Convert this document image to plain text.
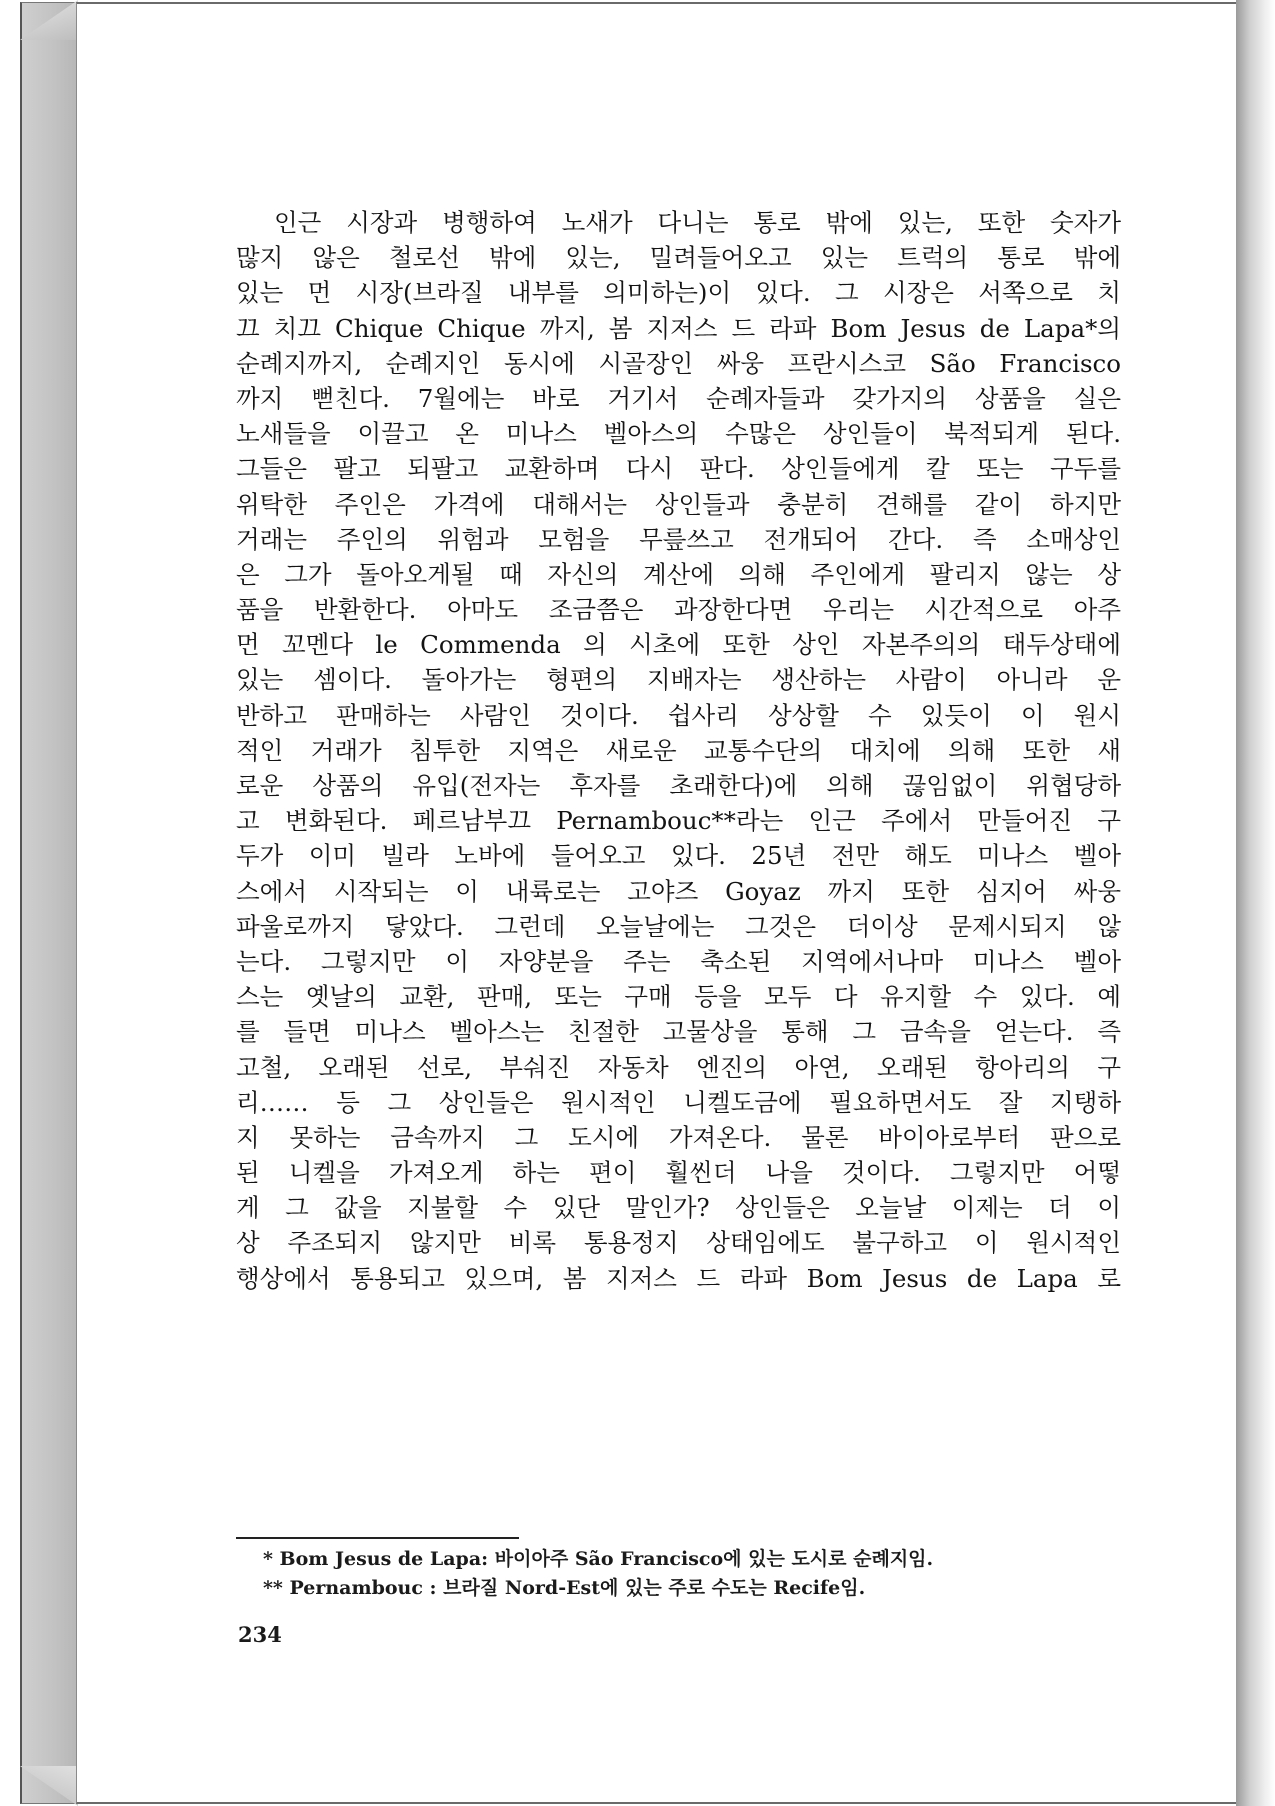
인근 시장과 병행하여 노새가 다니는 통로 밖에 있는, 또한 숫자가
많지 않은 철로선 밖에 있는, 밀려들어오고 있는 트럭의 통로 밖에
있는 먼 시장(브라질 내부를 의미하는)이 있다. 그 시장은 서쪽으로 치
끄 치끄 Chique Chique 까지, 봄 지저스 드 라파 Bom Jesus de Lapa*의
순례지까지, 순례지인 동시에 시골장인 싸웅 프란시스코 São Francisco
까지 뻗친다. 7월에는 바로 거기서 순례자들과 갖가지의 상품을 실은
노새들을 이끌고 온 미나스 벨아스의 수많은 상인들이 북적되게 된다.
그들은 팔고 되팔고 교환하며 다시 판다. 상인들에게 칼 또는 구두를
위탁한 주인은 가격에 대해서는 상인들과 충분히 견해를 같이 하지만
거래는 주인의 위험과 모험을 무릎쓰고 전개되어 간다. 즉 소매상인
은 그가 돌아오게될 때 자신의 계산에 의해 주인에게 팔리지 않는 상
품을 반환한다. 아마도 조금쯤은 과장한다면 우리는 시간적으로 아주
먼 꼬멘다 le Commenda 의 시초에 또한 상인 자본주의의 태두상태에
있는 셈이다. 돌아가는 형편의 지배자는 생산하는 사람이 아니라 운
반하고 판매하는 사람인 것이다. 쉽사리 상상할 수 있듯이 이 원시
적인 거래가 침투한 지역은 새로운 교통수단의 대치에 의해 또한 새
로운 상품의 유입(전자는 후자를 초래한다)에 의해 끊임없이 위협당하
고 변화된다. 페르남부끄 Pernambouc**라는 인근 주에서 만들어진 구
두가 이미 빌라 노바에 들어오고 있다. 25년 전만 해도 미나스 벨아
스에서 시작되는 이 내륙로는 고야즈 Goyaz 까지 또한 심지어 싸웅
파울로까지 닿았다. 그런데 오늘날에는 그것은 더이상 문제시되지 않
는다. 그렇지만 이 자양분을 주는 축소된 지역에서나마 미나스 벨아
스는 옛날의 교환, 판매, 또는 구매 등을 모두 다 유지할 수 있다. 예
를 들면 미나스 벨아스는 친절한 고물상을 통해 그 금속을 얻는다. 즉
고철, 오래된 선로, 부숴진 자동차 엔진의 아연, 오래된 항아리의 구
리…… 등 그 상인들은 원시적인 니켈도금에 필요하면서도 잘 지탱하
지 못하는 금속까지 그 도시에 가져온다. 물론 바이아로부터 판으로
된 니켈을 가져오게 하는 편이 훨씬더 나을 것이다. 그렇지만 어떻
게 그 값을 지불할 수 있단 말인가? 상인들은 오늘날 이제는 더 이
상 주조되지 않지만 비록 통용정지 상태임에도 불구하고 이 원시적인
행상에서 통용되고 있으며, 봄 지저스 드 라파 Bom Jesus de Lapa 로
* Bom Jesus de Lapa: 바이아주 São Francisco에 있는 도시로 순례지임.
** Pernambouc : 브라질 Nord-Est에 있는 주로 수도는 Recife임.
234
